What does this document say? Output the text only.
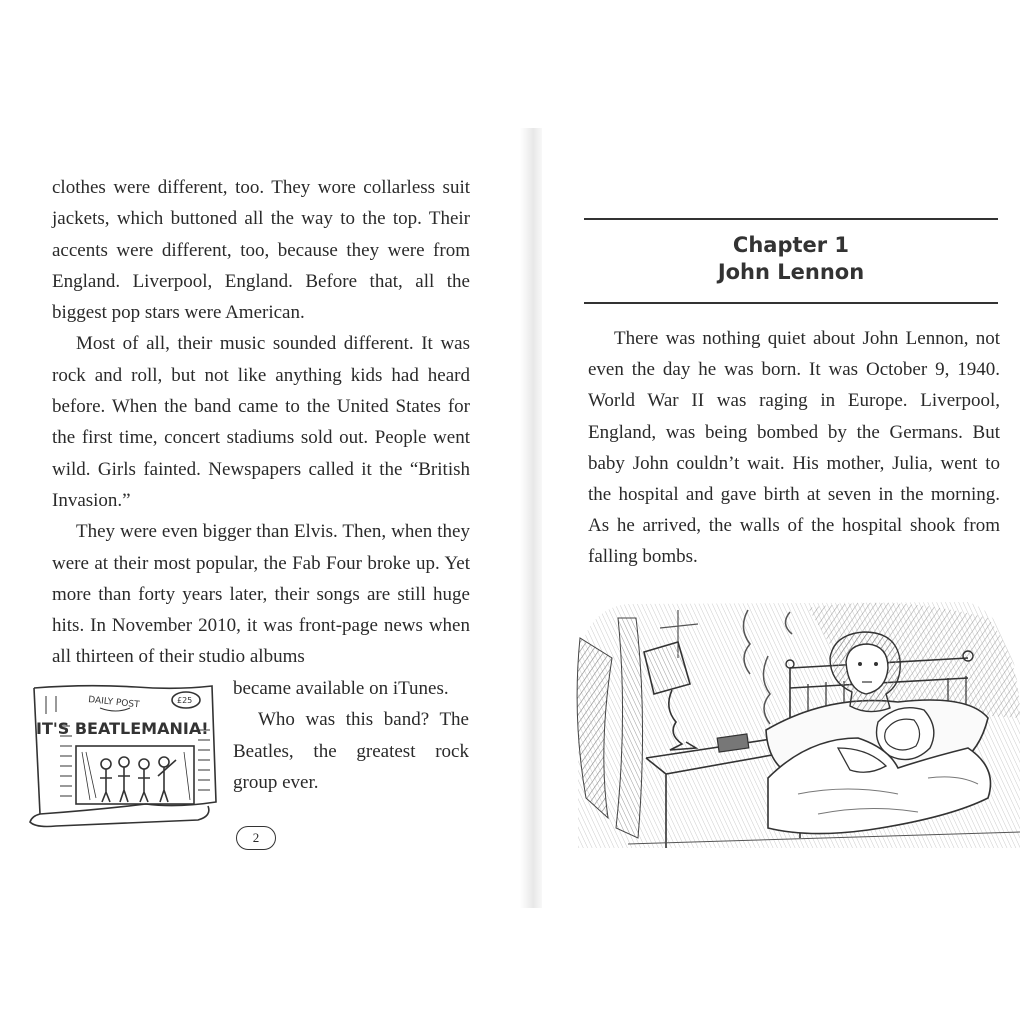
clothes were different, too. They wore collarless suit jackets, which buttoned all the way to the top. Their accents were different, too, because they were from England. Liverpool, England. Before that, all the biggest pop stars were American.

Most of all, their music sounded different. It was rock and roll, but not like anything kids had heard before. When the band came to the United States for the first time, concert stadiums sold out. People went wild. Girls fainted. Newspapers called it the “British Invasion.”

They were even bigger than Elvis. Then, when they were at their most popular, the Fab Four broke up. Yet more than forty years later, their songs are still huge hits. In November 2010, it was front-page news when all thirteen of their studio albums

DAILY POST	£25
IT'S BEATLEMANIA!

became available on iTunes.

Who was this band? The Beatles, the greatest rock group ever.

2
Chapter 1
John Lennon

There was nothing quiet about John Lennon, not even the day he was born. It was October 9, 1940. World War II was raging in Europe. Liverpool, England, was being bombed by the Germans. But baby John couldn’t wait. His mother, Julia, went to the hospital and gave birth at seven in the morning. As he arrived, the walls of the hospital shook from falling bombs.
